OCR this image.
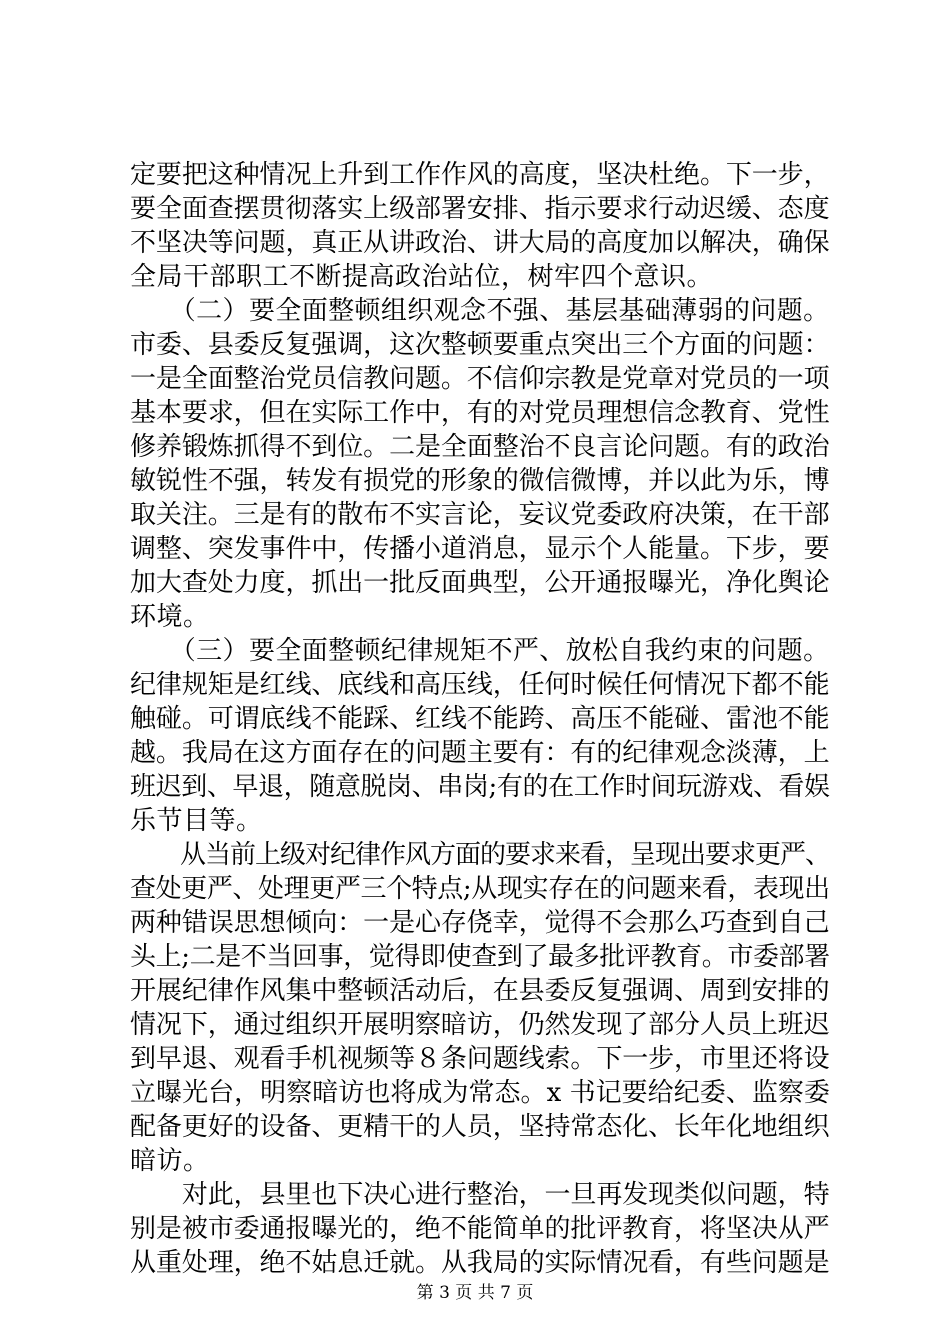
定要把这种情况上升到工作作风的高度，坚决杜绝。下一步，
要全面查摆贯彻落实上级部署安排、指示要求行动迟缓、态度
不坚决等问题，真正从讲政治、讲大局的高度加以解决，确保
全局干部职工不断提高政治站位，树牢四个意识。
　　（二）要全面整顿组织观念不强、基层基础薄弱的问题。
市委、县委反复强调，这次整顿要重点突出三个方面的问题：
一是全面整治党员信教问题。不信仰宗教是党章对党员的一项
基本要求，但在实际工作中，有的对党员理想信念教育、党性
修养锻炼抓得不到位。二是全面整治不良言论问题。有的政治
敏锐性不强，转发有损党的形象的微信微博，并以此为乐，博
取关注。三是有的散布不实言论，妄议党委政府决策，在干部
调整、突发事件中，传播小道消息，显示个人能量。下步，要
加大查处力度，抓出一批反面典型，公开通报曝光，净化舆论
环境。
　　（三）要全面整顿纪律规矩不严、放松自我约束的问题。
纪律规矩是红线、底线和高压线，任何时候任何情况下都不能
触碰。可谓底线不能踩、红线不能跨、高压不能碰、雷池不能
越。我局在这方面存在的问题主要有：有的纪律观念淡薄，上
班迟到、早退，随意脱岗、串岗;有的在工作时间玩游戏、看娱
乐节目等。
　　从当前上级对纪律作风方面的要求来看，呈现出要求更严、
查处更严、处理更严三个特点;从现实存在的问题来看，表现出
两种错误思想倾向：一是心存侥幸，觉得不会那么巧查到自己
头上;二是不当回事，觉得即使查到了最多批评教育。市委部署
开展纪律作风集中整顿活动后，在县委反复强调、周到安排的
情况下，通过组织开展明察暗访，仍然发现了部分人员上班迟
到早退、观看手机视频等８条问题线索。下一步，市里还将设
立曝光台，明察暗访也将成为常态。x 书记要给纪委、监察委
配备更好的设备、更精干的人员，坚持常态化、长年化地组织
暗访。
　　对此，县里也下决心进行整治，一旦再发现类似问题，特
别是被市委通报曝光的，绝不能简单的批评教育，将坚决从严
从重处理，绝不姑息迁就。从我局的实际情况看，有些问题是
第 3 页 共 7 页
